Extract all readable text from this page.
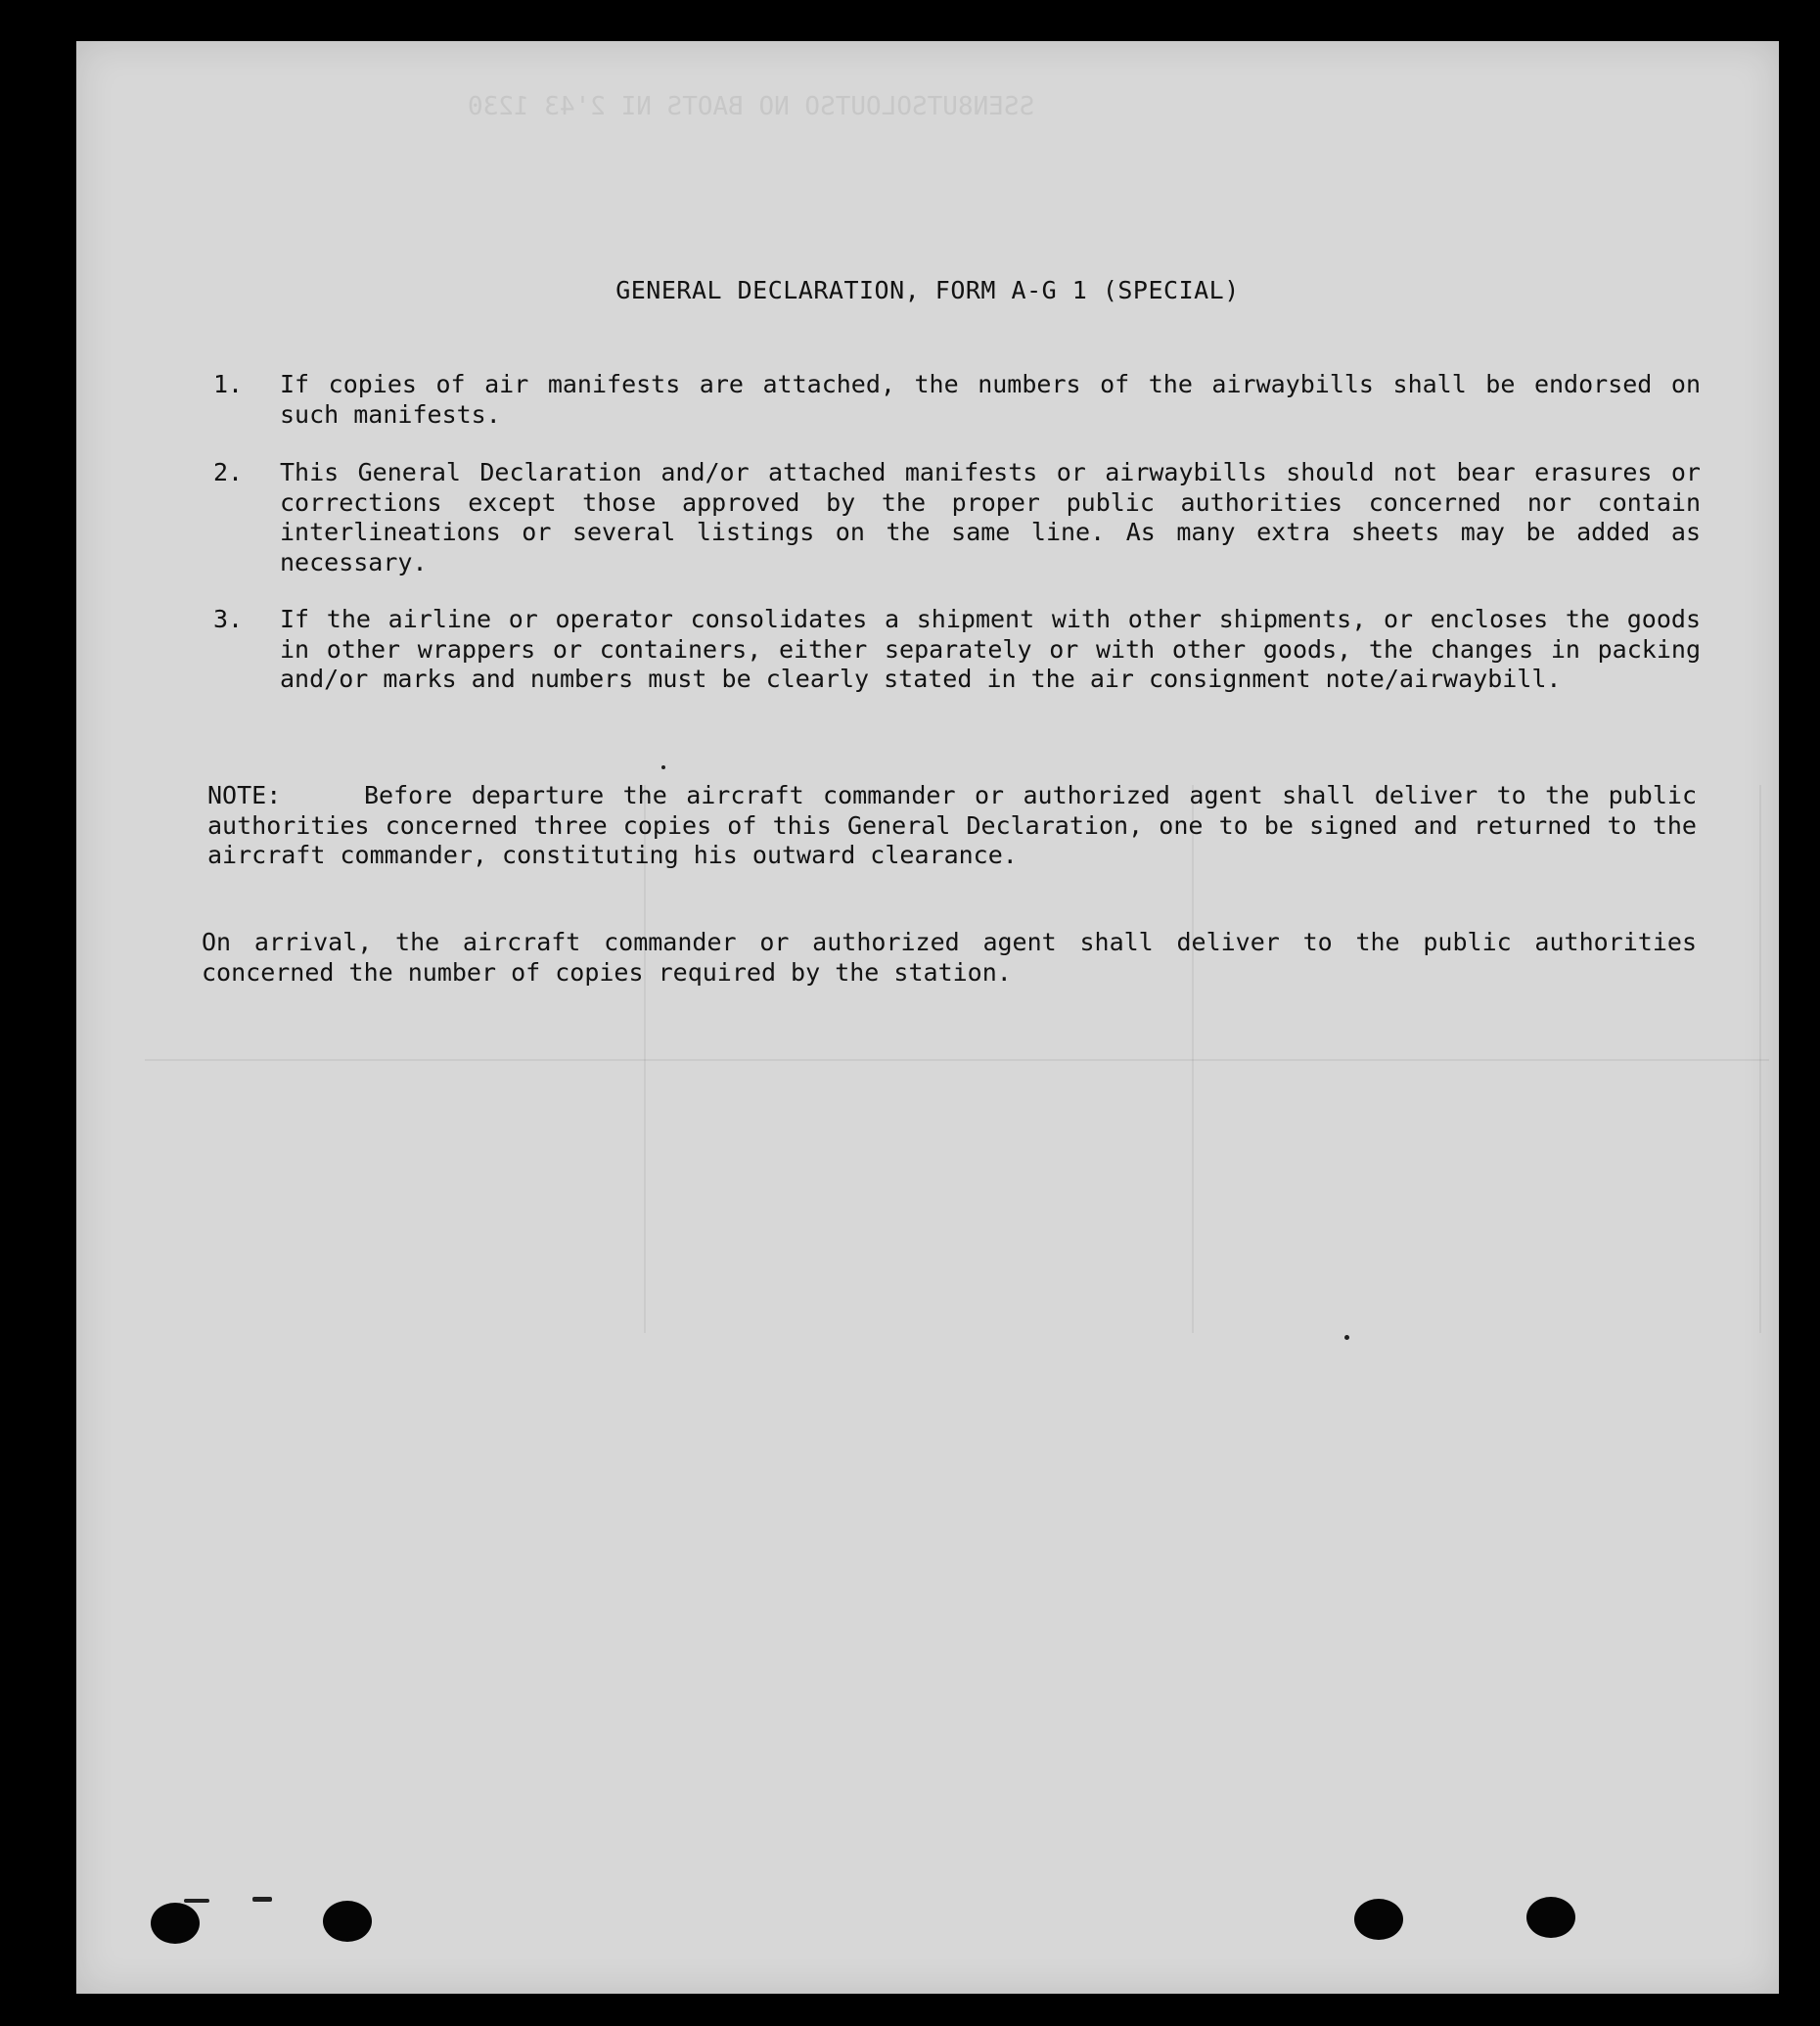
SSEN8UTSOLOUTSO NO BAOTS NI 2'43 1230
GENERAL DECLARATION, FORM A-G 1 (SPECIAL)
1.	If copies of air manifests are attached, the numbers of the airwaybills shall be endorsed on such manifests.
2.	This General Declaration and/or attached manifests or airwaybills should not bear erasures or corrections except those approved by the proper public authorities concerned nor contain interlineations or several listings on the same line. As many extra sheets may be added as necessary.
3.	If the airline or operator consolidates a shipment with other shipments, or encloses the goods in other wrappers or containers, either separately or with other goods, the changes in packing and/or marks and numbers must be clearly stated in the air consignment note/airwaybill.
NOTE:	Before departure the aircraft commander or authorized agent shall deliver to the public authorities concerned three copies of this General Declaration, one to be signed and returned to the aircraft commander, constituting his outward clearance.
On arrival, the aircraft commander or authorized agent shall deliver to the public authorities concerned the number of copies required by the station.
